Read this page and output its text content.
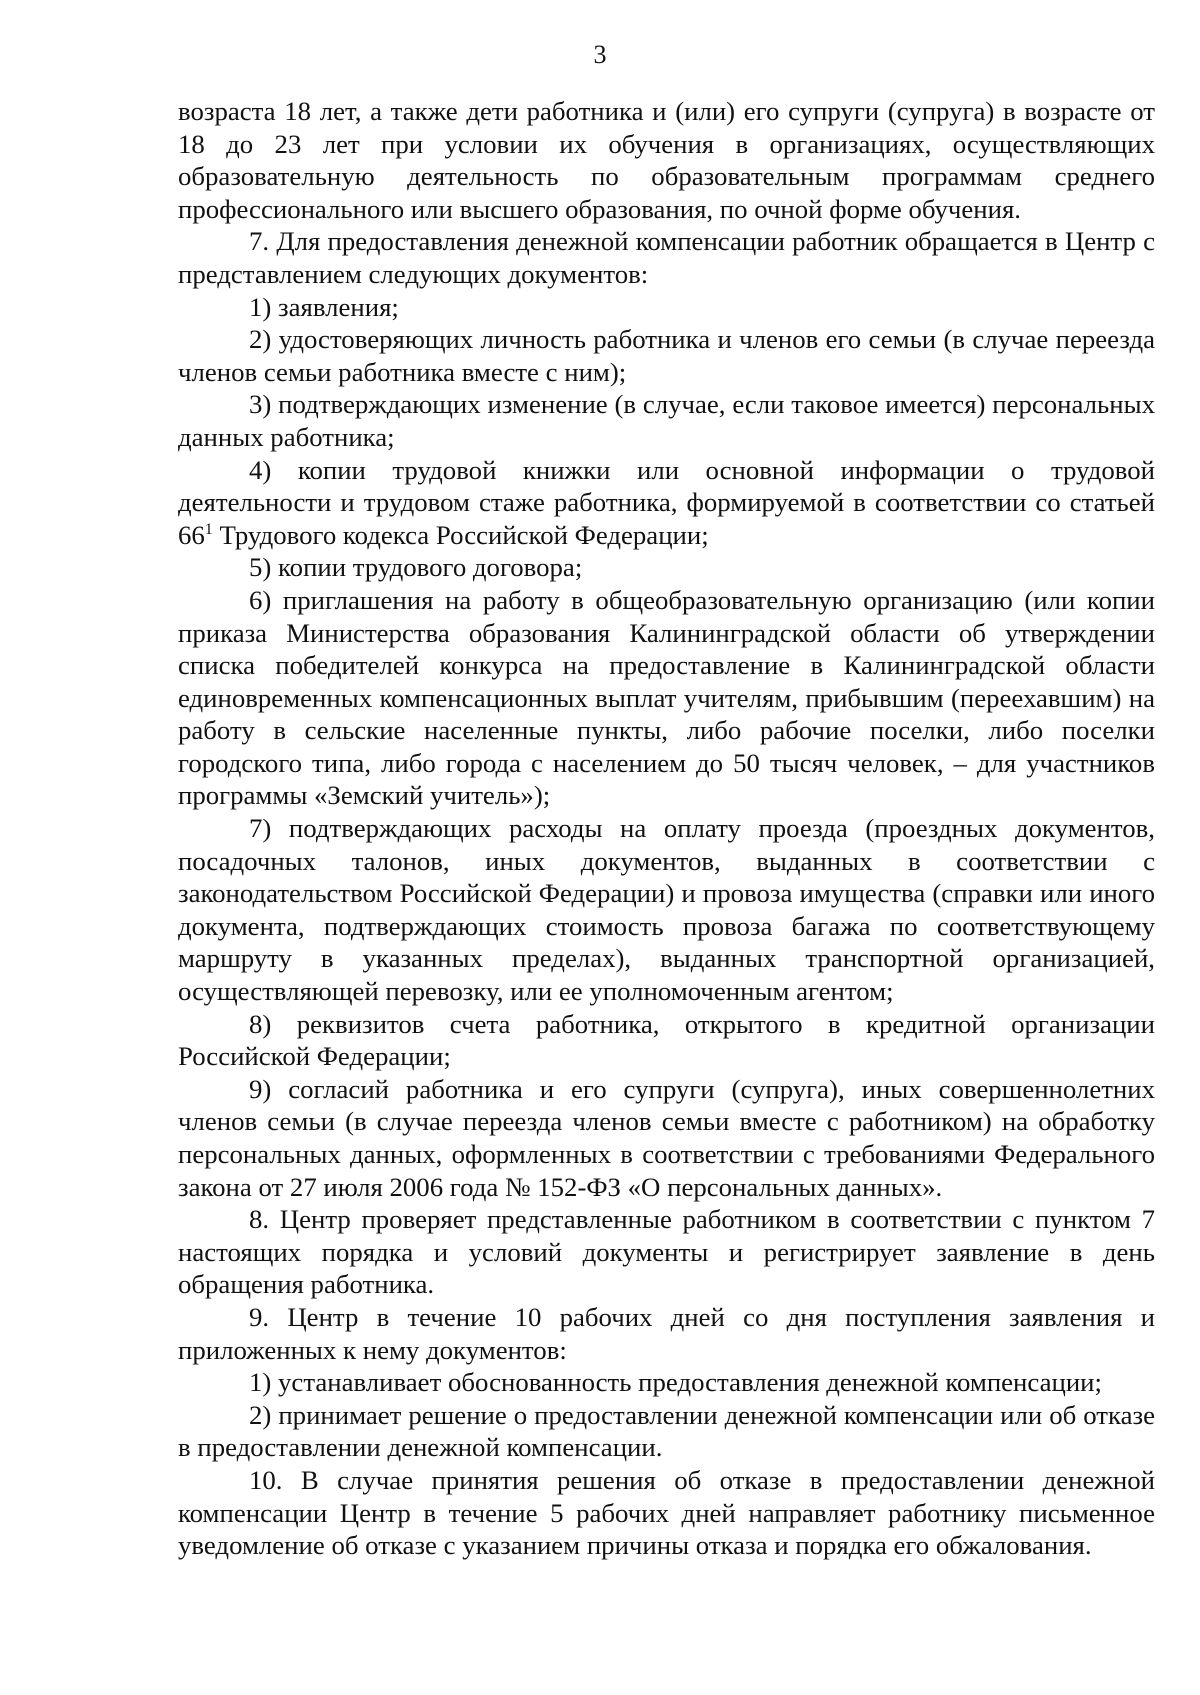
3

возраста 18 лет, а также дети работника и (или) его супруги (супруга) в возрасте от 18 до 23 лет при условии их обучения в организациях, осуществляющих образовательную деятельность по образовательным программам среднего профессионального или высшего образования, по очной форме обучения.

7. Для предоставления денежной компенсации работник обращается в Центр с представлением следующих документов:

1) заявления;

2) удостоверяющих личность работника и членов его семьи (в случае переезда членов семьи работника вместе с ним);

3) подтверждающих изменение (в случае, если таковое имеется) персональных данных работника;

4) копии трудовой книжки или основной информации о трудовой деятельности и трудовом стаже работника, формируемой в соответствии со статьей $66^1$ Трудового кодекса Российской Федерации;

5) копии трудового договора;

6) приглашения на работу в общеобразовательную организацию (или копии приказа Министерства образования Калининградской области об утверждении списка победителей конкурса на предоставление в Калининградской области единовременных компенсационных выплат учителям, прибывшим (переехавшим) на работу в сельские населенные пункты, либо рабочие поселки, либо поселки городского типа, либо города с населением до 50 тысяч человек, – для участников программы «Земский учитель»);

7) подтверждающих расходы на оплату проезда (проездных документов, посадочных талонов, иных документов, выданных в соответствии с законодательством Российской Федерации) и провоза имущества (справки или иного документа, подтверждающих стоимость провоза багажа по соответствующему маршруту в указанных пределах), выданных транспортной организацией, осуществляющей перевозку, или ее уполномоченным агентом;

8) реквизитов счета работника, открытого в кредитной организации Российской Федерации;

9) согласий работника и его супруги (супруга), иных совершеннолетних членов семьи (в случае переезда членов семьи вместе с работником) на обработку персональных данных, оформленных в соответствии с требованиями Федерального закона от 27 июля 2006 года № 152-ФЗ «О персональных данных».

8. Центр проверяет представленные работником в соответствии с пунктом 7 настоящих порядка и условий документы и регистрирует заявление в день обращения работника.

9. Центр в течение 10 рабочих дней со дня поступления заявления и приложенных к нему документов:

1) устанавливает обоснованность предоставления денежной компенсации;

2) принимает решение о предоставлении денежной компенсации или об отказе в предоставлении денежной компенсации.

10. В случае принятия решения об отказе в предоставлении денежной компенсации Центр в течение 5 рабочих дней направляет работнику письменное уведомление об отказе с указанием причины отказа и порядка его обжалования.
